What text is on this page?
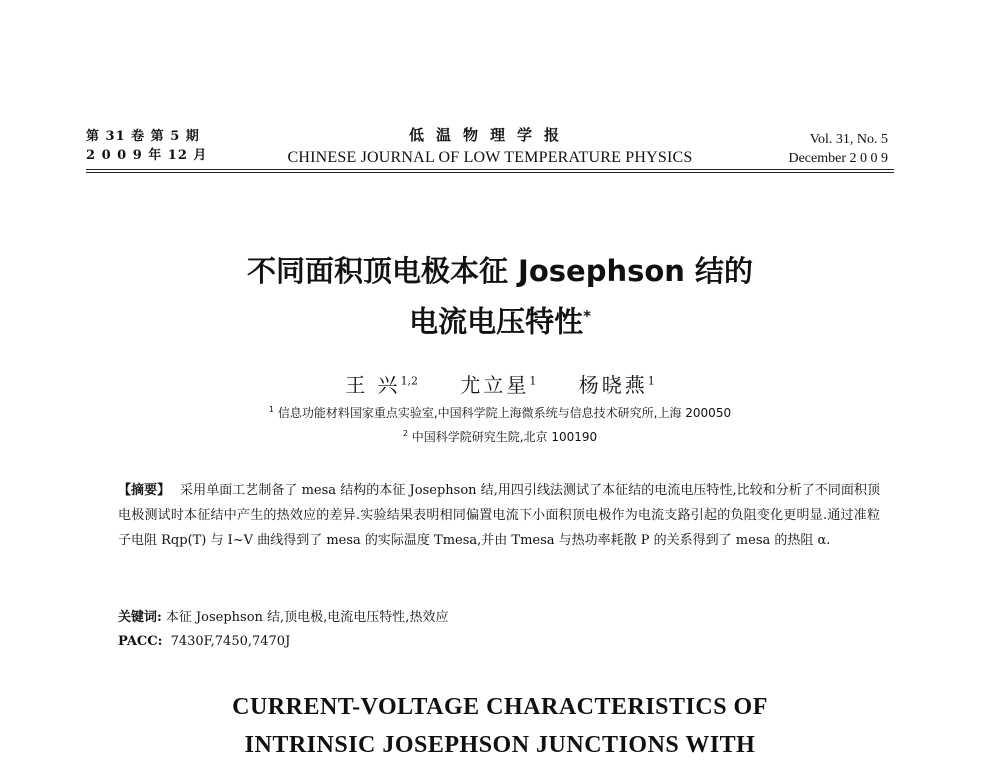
第 31 卷 第 5 期
2 0 0 9 年 12 月
低温物理学报
CHINESE JOURNAL OF LOW TEMPERATURE PHYSICS
Vol. 31, No. 5
December 2 0 0 9
不同面积顶电极本征 Josephson 结的
电流电压特性*
王 兴$^{1,2}$ 尤立星$^1$ 杨晓燕$^1$
$^1$ 信息功能材料国家重点实验室,中国科学院上海微系统与信息技术研究所,上海 200050
$^2$ 中国科学院研究生院,北京 100190
【摘要】 采用单面工艺制备了 mesa 结构的本征 Josephson 结,用四引线法测试了本征结的电流电压特性,比较和分析了不同面积顶电极测试时本征结中产生的热效应的差异.实验结果表明相同偏置电流下小面积顶电极作为电流支路引起的负阻变化更明显.通过准粒子电阻 Rqp(T) 与 I~V 曲线得到了 mesa 的实际温度 Tmesa,并由 Tmesa 与热功率耗散 P 的关系得到了 mesa 的热阻 α.
关键词: 本征 Josephson 结,顶电极,电流电压特性,热效应
PACC: 7430F,7450,7470J
CURRENT-VOLTAGE CHARACTERISTICS OF
INTRINSIC JOSEPHSON JUNCTIONS WITH
